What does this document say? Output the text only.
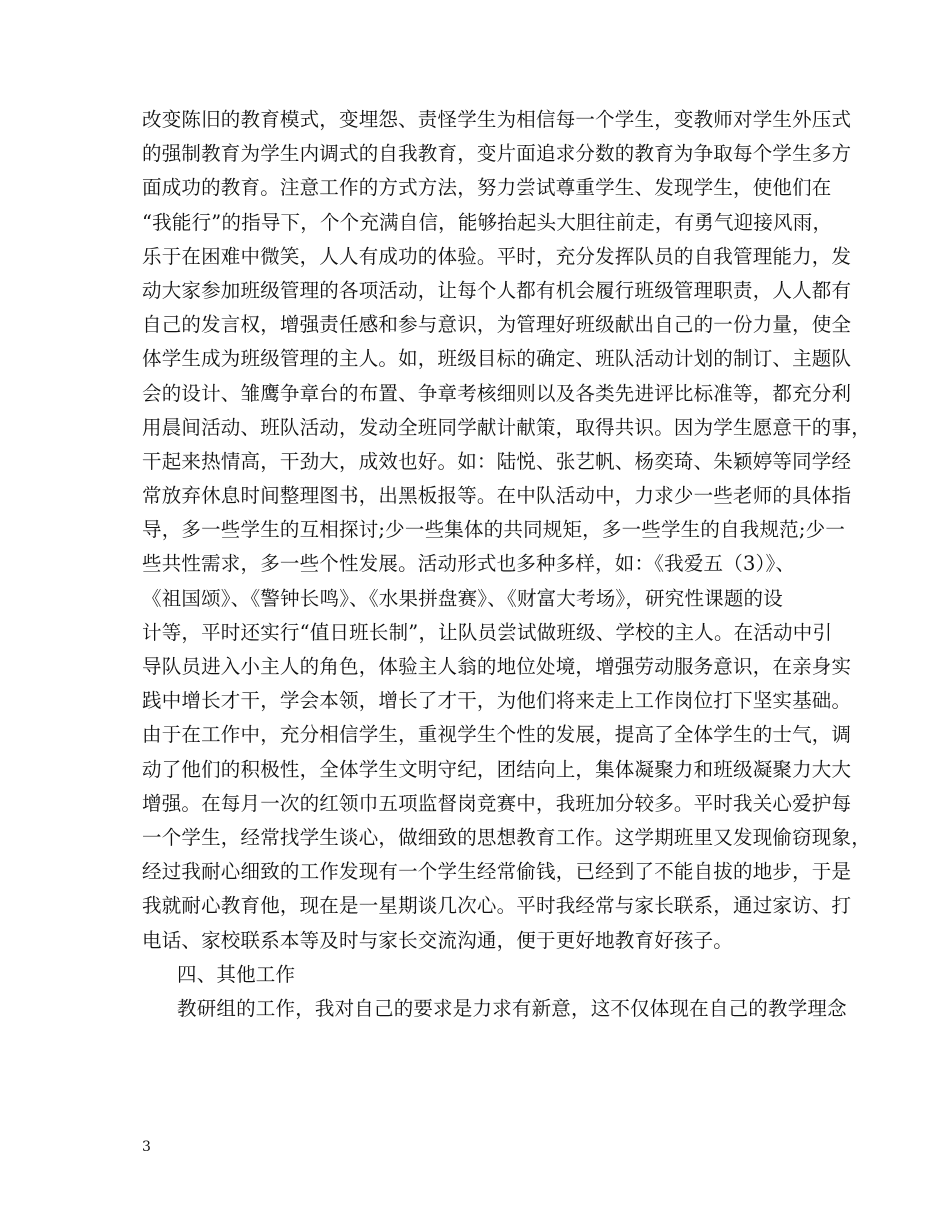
改变陈旧的教育模式，变埋怨、责怪学生为相信每一个学生，变教师对学生外压式
的强制教育为学生内调式的自我教育，变片面追求分数的教育为争取每个学生多方
面成功的教育。注意工作的方式方法，努力尝试尊重学生、发现学生，使他们在
“我能行”的指导下，个个充满自信，能够抬起头大胆往前走，有勇气迎接风雨，
乐于在困难中微笑，人人有成功的体验。平时，充分发挥队员的自我管理能力，发
动大家参加班级管理的各项活动，让每个人都有机会履行班级管理职责，人人都有
自己的发言权，增强责任感和参与意识，为管理好班级献出自己的一份力量，使全
体学生成为班级管理的主人。如，班级目标的确定、班队活动计划的制订、主题队
会的设计、雏鹰争章台的布置、争章考核细则以及各类先进评比标准等，都充分利
用晨间活动、班队活动，发动全班同学献计献策，取得共识。因为学生愿意干的事，
干起来热情高，干劲大，成效也好。如：陆悦、张艺帆、杨奕琦、朱颖婷等同学经
常放弃休息时间整理图书，出黑板报等。在中队活动中，力求少一些老师的具体指
导，多一些学生的互相探讨;少一些集体的共同规矩，多一些学生的自我规范;少一
些共性需求，多一些个性发展。活动形式也多种多样，如：《我爱五（3）》、
《祖国颂》、《警钟长鸣》、《水果拼盘赛》、《财富大考场》，研究性课题的设
计等，平时还实行“值日班长制”，让队员尝试做班级、学校的主人。在活动中引
导队员进入小主人的角色，体验主人翁的地位处境，增强劳动服务意识，在亲身实
践中增长才干，学会本领，增长了才干，为他们将来走上工作岗位打下坚实基础。
由于在工作中，充分相信学生，重视学生个性的发展，提高了全体学生的士气，调
动了他们的积极性，全体学生文明守纪，团结向上，集体凝聚力和班级凝聚力大大
增强。在每月一次的红领巾五项监督岗竞赛中，我班加分较多。平时我关心爱护每
一个学生，经常找学生谈心，做细致的思想教育工作。这学期班里又发现偷窃现象，
经过我耐心细致的工作发现有一个学生经常偷钱，已经到了不能自拔的地步，于是
我就耐心教育他，现在是一星期谈几次心。平时我经常与家长联系，通过家访、打
电话、家校联系本等及时与家长交流沟通，便于更好地教育好孩子。
四、其他工作
教研组的工作，我对自己的要求是力求有新意，这不仅体现在自己的教学理念
3
